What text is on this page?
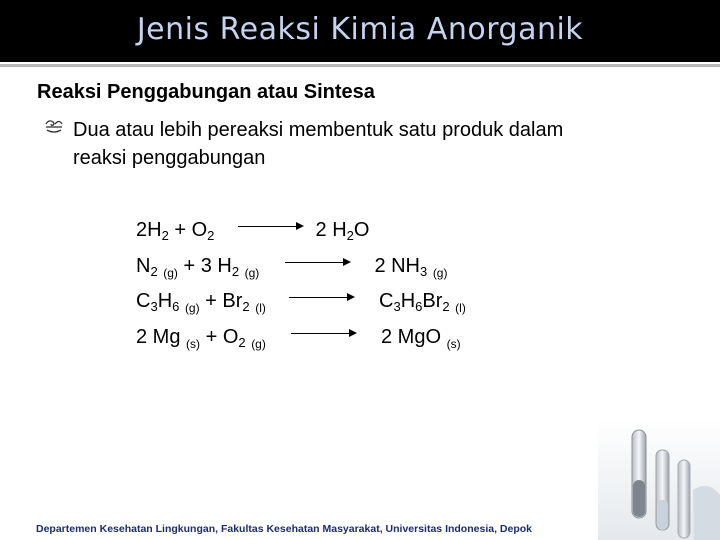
Jenis Reaksi Kimia Anorganik
Reaksi Penggabungan atau Sintesa
Dua atau lebih pereaksi membentuk satu produk dalam
reaksi penggabungan
$2H_2 + O_2$	2 $H_2O$
$N_2$ $_{(g)}$ + 3 $H_2$ $_{(g)}$	2 $NH_3$ $_{(g)}$
$C_3H_6$ $_{(g)} + Br_2$ $_{(l)}$	$C_3H_6Br_2$ $_{(l)}$
2 Mg $_{(s)} + O_2$ $_{(g)}$	2 MgO $_{(s)}$
Departemen Kesehatan Lingkungan, Fakultas Kesehatan Masyarakat, Universitas Indonesia, Depok
